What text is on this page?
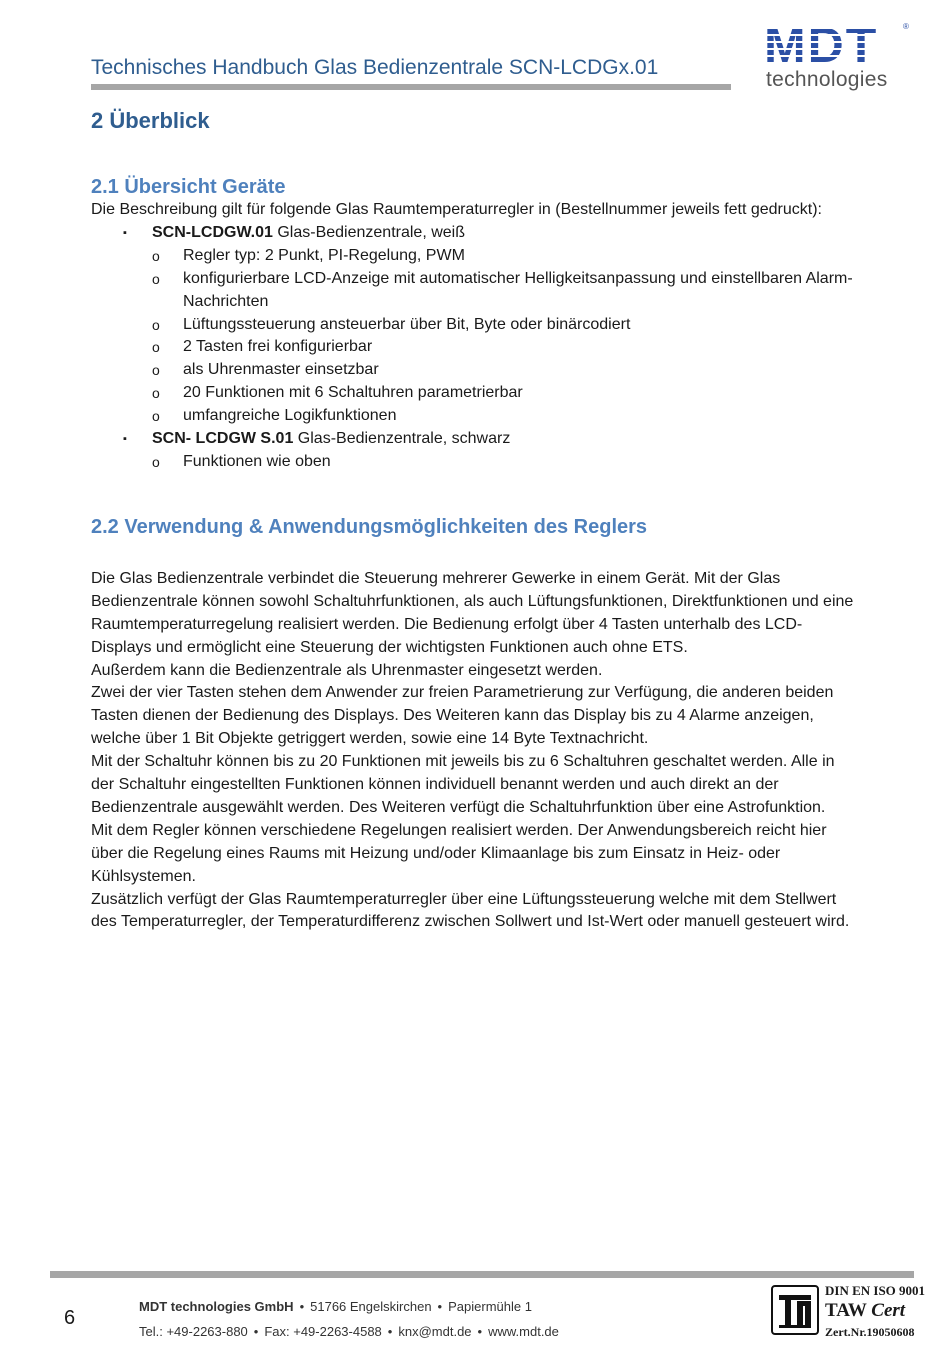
Technisches Handbuch Glas Bedienzentrale SCN-LCDGx.01 MDT	®
technologies
2 Überblick
2.1 Übersicht Geräte

Die Beschreibung gilt für folgende Glas Raumtemperaturregler in (Bestellnummer jeweils fett gedruckt):

▪ SCN-LCDGW.01 Glas-Bedienzentrale, weiß
o Regler typ: 2 Punkt, PI-Regelung, PWM
o konfigurierbare LCD-Anzeige mit automatischer Helligkeitsanpassung und einstellbaren Alarm-Nachrichten
o Lüftungssteuerung ansteuerbar über Bit, Byte oder binärcodiert
o 2 Tasten frei konfigurierbar
o als Uhrenmaster einsetzbar
o 20 Funktionen mit 6 Schaltuhren parametrierbar
o umfangreiche Logikfunktionen
▪ SCN- LCDGW S.01 Glas-Bedienzentrale, schwarz
o Funktionen wie oben
2.2 Verwendung & Anwendungsmöglichkeiten des Reglers

Die Glas Bedienzentrale verbindet die Steuerung mehrerer Gewerke in einem Gerät. Mit der Glas Bedienzentrale können sowohl Schaltuhrfunktionen, als auch Lüftungsfunktionen, Direktfunktionen und eine Raumtemperaturregelung realisiert werden. Die Bedienung erfolgt über 4 Tasten unterhalb des LCD-Displays und ermöglicht eine Steuerung der wichtigsten Funktionen auch ohne ETS.

Außerdem kann die Bedienzentrale als Uhrenmaster eingesetzt werden.

Zwei der vier Tasten stehen dem Anwender zur freien Parametrierung zur Verfügung, die anderen beiden Tasten dienen der Bedienung des Displays. Des Weiteren kann das Display bis zu 4 Alarme anzeigen, welche über 1 Bit Objekte getriggert werden, sowie eine 14 Byte Textnachricht.

Mit der Schaltuhr können bis zu 20 Funktionen mit jeweils bis zu 6 Schaltuhren geschaltet werden. Alle in der Schaltuhr eingestellten Funktionen können individuell benannt werden und auch direkt an der Bedienzentrale ausgewählt werden. Des Weiteren verfügt die Schaltuhrfunktion über eine Astrofunktion.

Mit dem Regler können verschiedene Regelungen realisiert werden. Der Anwendungsbereich reicht hier über die Regelung eines Raums mit Heizung und/oder Klimaanlage bis zum Einsatz in Heiz- oder Kühlsystemen.

Zusätzlich verfügt der Glas Raumtemperaturregler über eine Lüftungssteuerung welche mit dem Stellwert des Temperaturregler, der Temperaturdifferenz zwischen Sollwert und Ist-Wert oder manuell gesteuert wird.

6
MDT technologies GmbH • 51766 Engelskirchen • Papiermühle 1
Tel.: +49-2263-880 • Fax: +49-2263-4588 • knx@mdt.de • www.mdt.de
DIN EN ISO 9001
TAW Cert
Zert.Nr.19050608
